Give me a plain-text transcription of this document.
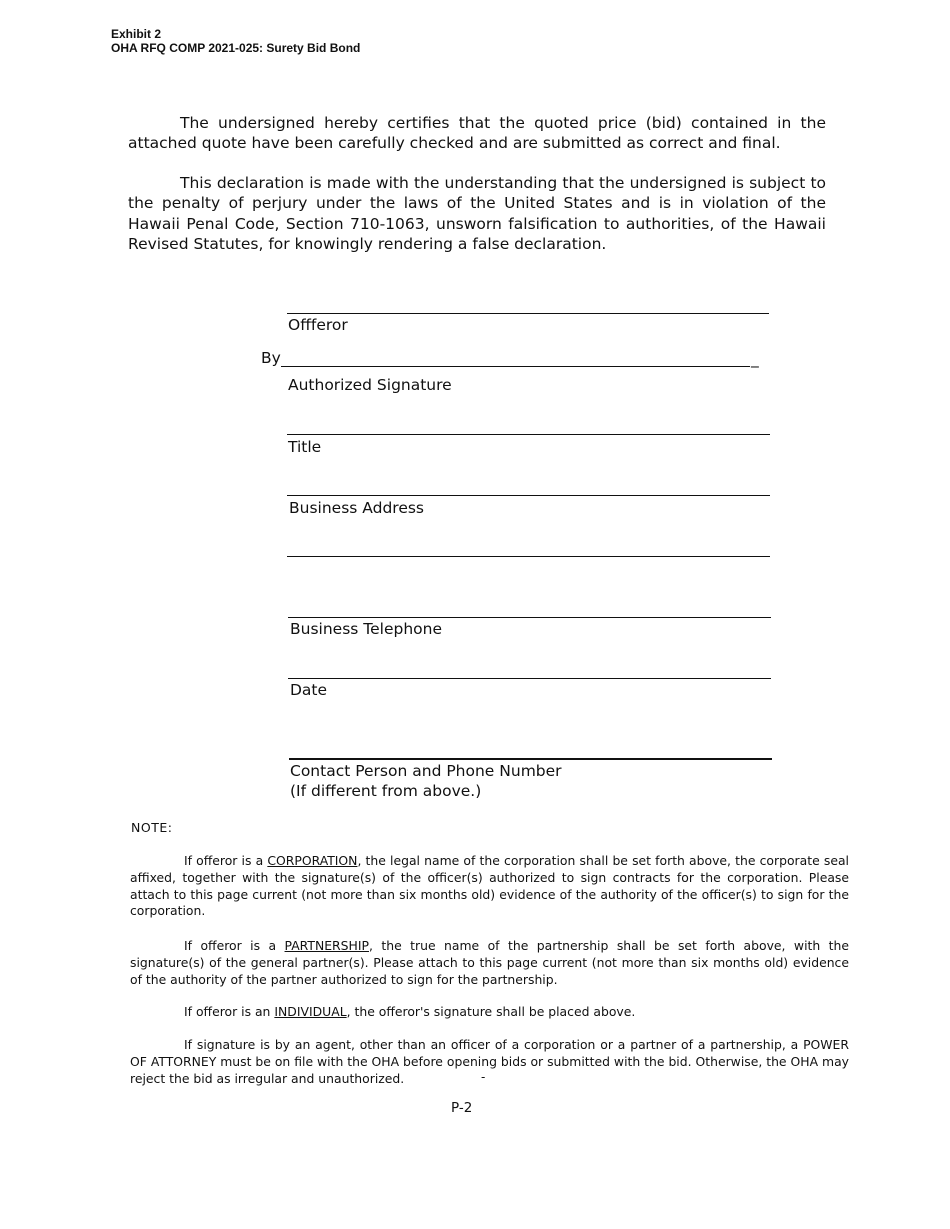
Exhibit 2
OHA RFQ COMP 2021-025: Surety Bid Bond

The undersigned hereby certifies that the quoted price (bid) contained in the attached quote have been carefully checked and are submitted as correct and final.

This declaration is made with the understanding that the undersigned is subject to the penalty of perjury under the laws of the United States and is in violation of the Hawaii Penal Code, Section 710-1063, unsworn falsification to authorities, of the Hawaii Revised Statutes, for knowingly rendering a false declaration.

Offferor
By	_
Authorized Signature
Title
Business Address
Business Telephone
Date
Contact Person and Phone Number
(If different from above.)
NOTE:

If offeror is a CORPORATION, the legal name of the corporation shall be set forth above, the corporate seal affixed, together with the signature(s) of the officer(s) authorized to sign contracts for the corporation. Please attach to this page current (not more than six months old) evidence of the authority of the officer(s) to sign for the corporation.

If offeror is a PARTNERSHIP, the true name of the partnership shall be set forth above, with the signature(s) of the general partner(s). Please attach to this page current (not more than six months old) evidence of the authority of the partner authorized to sign for the partnership.

If offeror is an INDIVIDUAL, the offeror's signature shall be placed above.

If signature is by an agent, other than an officer of a corporation or a partner of a partnership, a POWER OF ATTORNEY must be on file with the OHA before opening bids or submitted with the bid. Otherwise, the OHA may reject the bid as irregular and unauthorized.	-
P-2
